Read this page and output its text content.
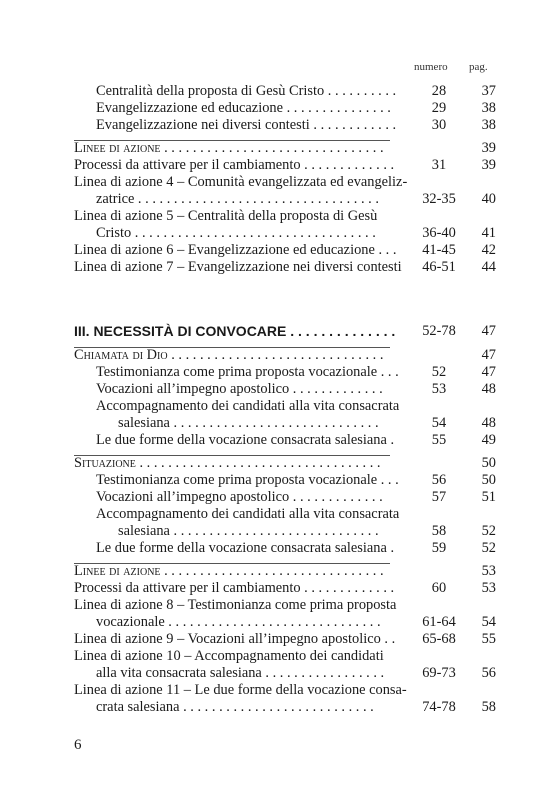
numero pag.
Centralità della proposta di Gesù Cristo . . . . . . . . . .	28	37
Evangelizzazione ed educazione . . . . . . . . . . . . . . .	29	38
Evangelizzazione nei diversi contesti . . . . . . . . . . . .	30	38
Linee di azione . . . . . . . . . . . . . . . . . . . . . . . . . . . . . . .	39
Processi da attivare per il cambiamento . . . . . . . . . . . . .	31	39
Linea di azione 4 – Comunità evangelizzata ed evangeliz-
zatrice . . . . . . . . . . . . . . . . . . . . . . . . . . . . . . . . . .	32-35	40
Linea di azione 5 – Centralità della proposta di Gesù
Cristo . . . . . . . . . . . . . . . . . . . . . . . . . . . . . . . . . .	36-40	41
Linea di azione 6 – Evangelizzazione ed educazione . . .	41-45	42
Linea di azione 7 – Evangelizzazione nei diversi contesti	46-51	44
III. NECESSITÀ DI CONVOCARE . . . . . . . . . . . . . .	52-78	47
Chiamata di Dio . . . . . . . . . . . . . . . . . . . . . . . . . . . . . .	47
Testimonianza come prima proposta vocazionale . . .	52	47
Vocazioni all’impegno apostolico . . . . . . . . . . . . .	53	48
Accompagnamento dei candidati alla vita consacrata
salesiana . . . . . . . . . . . . . . . . . . . . . . . . . . . . .	54	48
Le due forme della vocazione consacrata salesiana .	55	49
Situazione . . . . . . . . . . . . . . . . . . . . . . . . . . . . . . . . . .	50
Testimonianza come prima proposta vocazionale . . .	56	50
Vocazioni all’impegno apostolico . . . . . . . . . . . . .	57	51
Accompagnamento dei candidati alla vita consacrata
salesiana . . . . . . . . . . . . . . . . . . . . . . . . . . . . .	58	52
Le due forme della vocazione consacrata salesiana .	59	52
Linee di azione . . . . . . . . . . . . . . . . . . . . . . . . . . . . . . .	53
Processi da attivare per il cambiamento . . . . . . . . . . . . .	60	53
Linea di azione 8 – Testimonianza come prima proposta
vocazionale . . . . . . . . . . . . . . . . . . . . . . . . . . . . . .	61-64	54
Linea di azione 9 – Vocazioni all’impegno apostolico . .	65-68	55
Linea di azione 10 – Accompagnamento dei candidati
alla vita consacrata salesiana . . . . . . . . . . . . . . . . .	69-73	56
Linea di azione 11 – Le due forme della vocazione consa-
crata salesiana . . . . . . . . . . . . . . . . . . . . . . . . . . .	74-78	58
6
